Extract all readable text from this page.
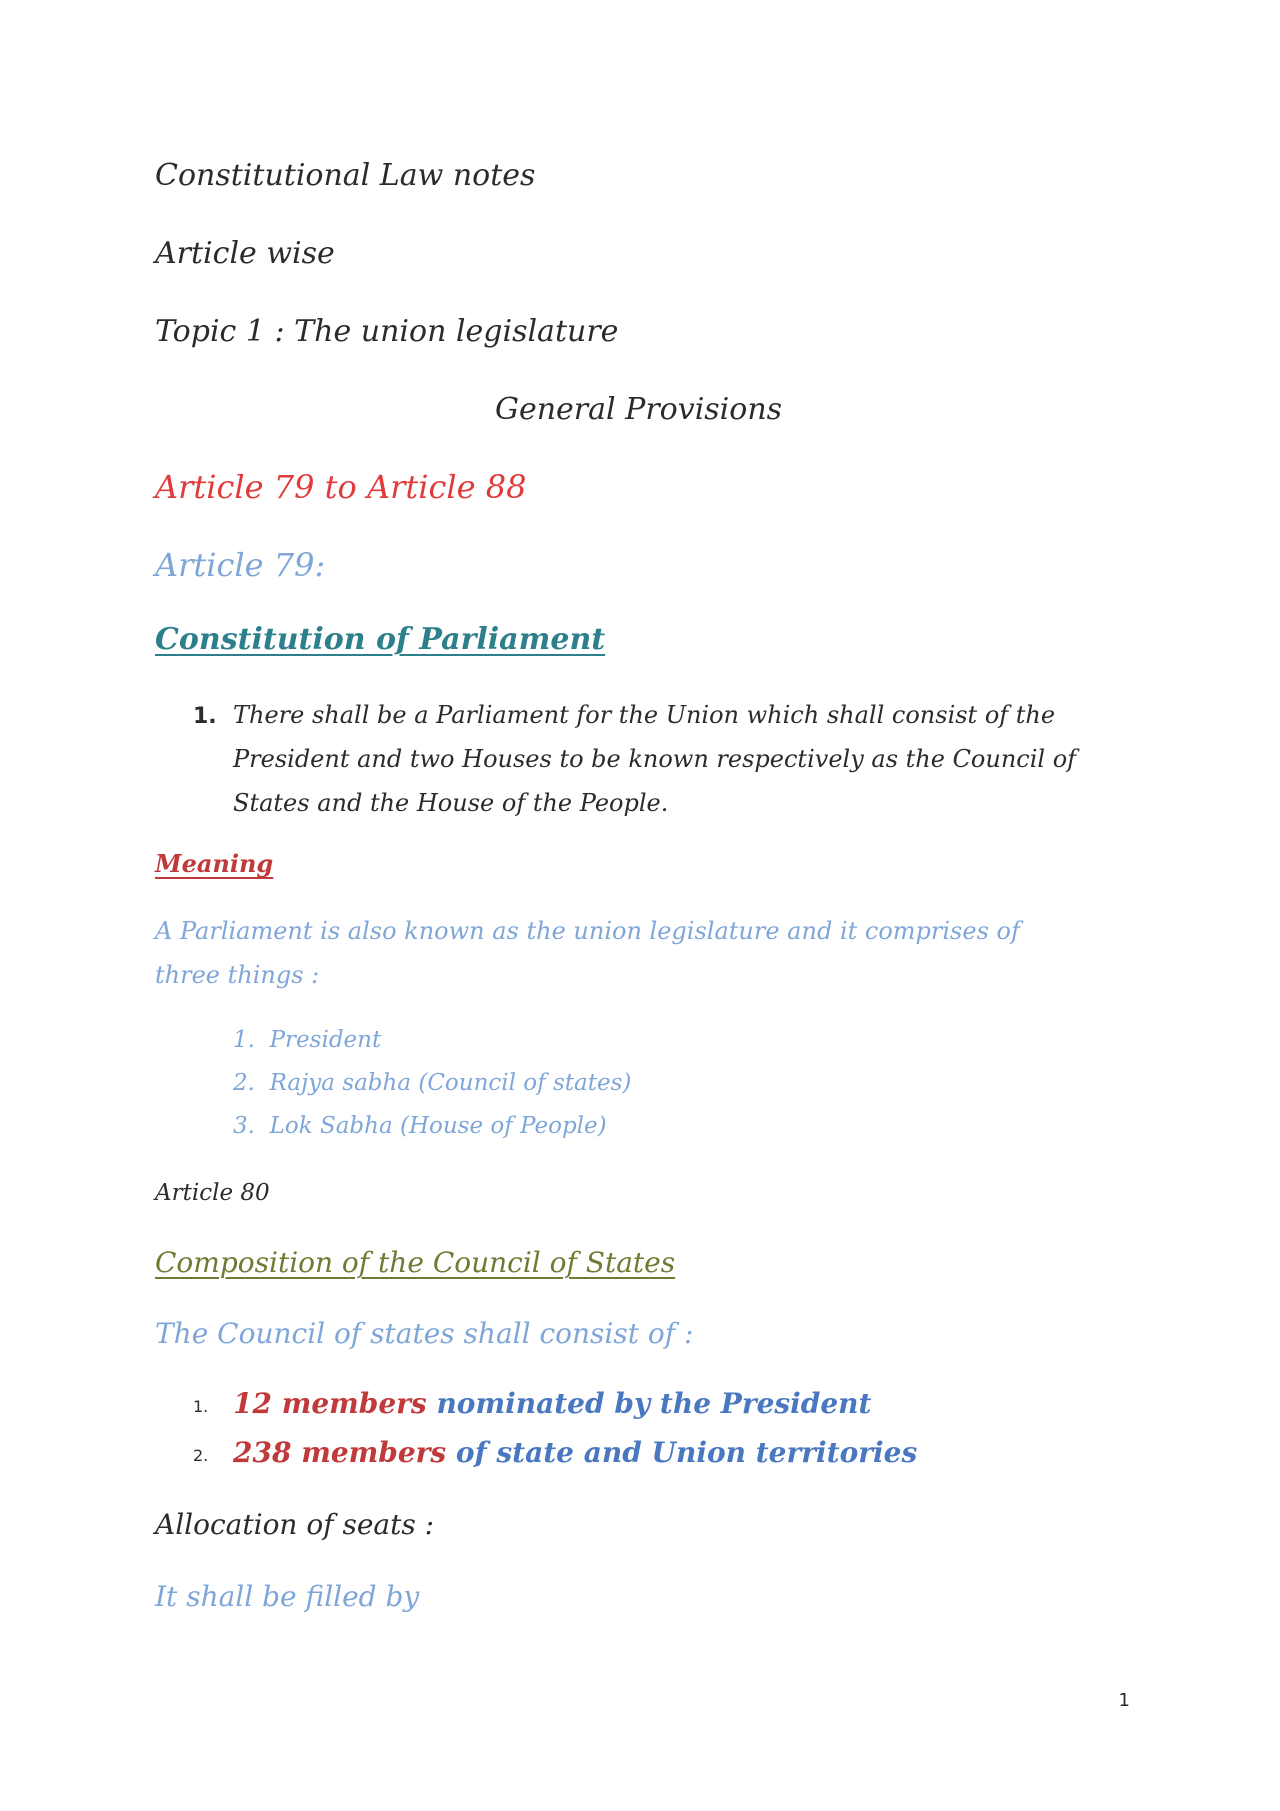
Constitutional Law notes
Article wise
Topic 1 : The union legislature
General Provisions
Article 79 to Article 88
Article 79:
Constitution of Parliament
1. There shall be a Parliament for the Union which shall consist of the
President and two Houses to be known respectively as the Council of
States and the House of the People.
Meaning
A Parliament is also known as the union legislature and it comprises of
three things :
1. President
2. Rajya sabha (Council of states)
3. Lok Sabha (House of People)
Article 80
Composition of the Council of States
The Council of states shall consist of :
1. 12 members nominated by the President
2. 238 members of state and Union territories
Allocation of seats :
It shall be filled by
1
